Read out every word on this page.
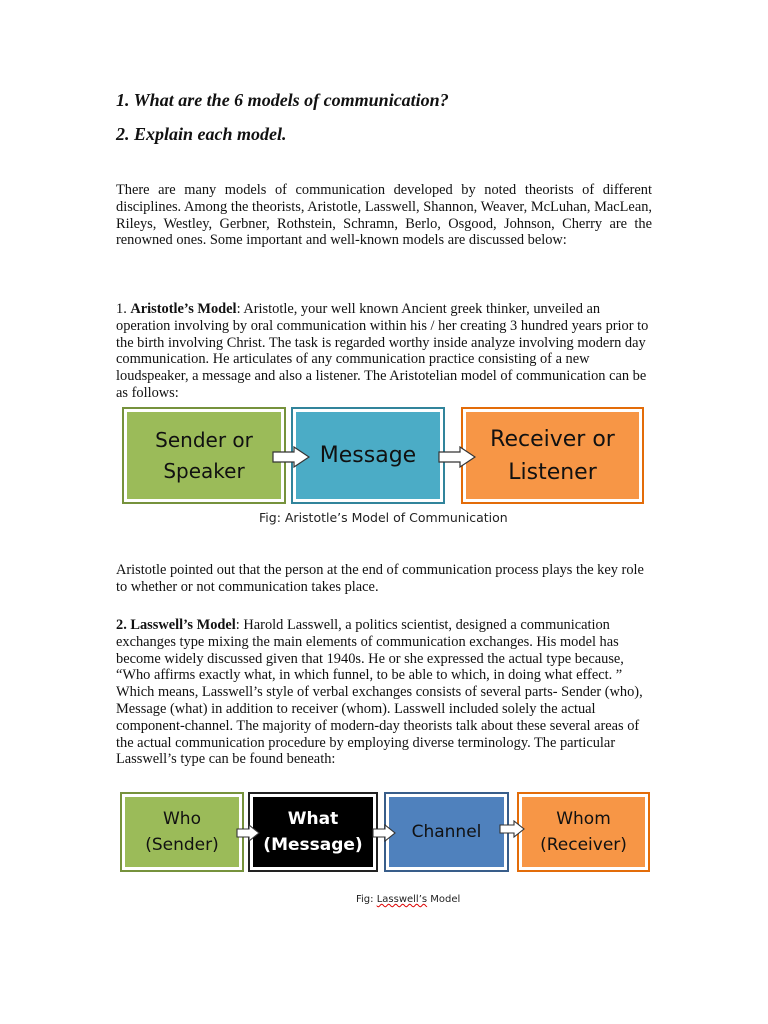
1. What are the 6 models of communication?
2. Explain each model.

There are many models of communication developed by noted theorists of different disciplines. Among the theorists, Aristotle, Lasswell, Shannon, Weaver, McLuhan, MacLean, Rileys, Westley, Gerbner, Rothstein, Schramn, Berlo, Osgood, Johnson, Cherry are the renowned ones. Some important and well-known models are discussed below:

1. Aristotle’s Model: Aristotle, your well known Ancient greek thinker, unveiled an operation involving by oral communication within his / her creating 3 hundred years prior to the birth involving Christ. The task is regarded worthy inside analyze involving modern day communication. He articulates of any communication practice consisting of a new loudspeaker, a message and also a listener. The Aristotelian model of communication can be as follows:

Sender or
Speaker
Message
Receiver or
Listener
Fig: Aristotle’s Model of Communication

Aristotle pointed out that the person at the end of communication process plays the key role to whether or not communication takes place.

2. Lasswell’s Model: Harold Lasswell, a politics scientist, designed a communication exchanges type mixing the main elements of communication exchanges. His model has become widely discussed given that 1940s. He or she expressed the actual type because, “Who affirms exactly what, in which funnel, to be able to which, in doing what effect. ” Which means, Lasswell’s style of verbal exchanges consists of several parts- Sender (who), Message (what) in addition to receiver (whom). Lasswell included solely the actual component-channel. The majority of modern-day theorists talk about these several areas of the actual communication procedure by employing diverse terminology. The particular Lasswell’s type can be found beneath:

Who
(Sender)
What
(Message)
Channel
Whom
(Receiver)
Fig: Lasswell’s Model
